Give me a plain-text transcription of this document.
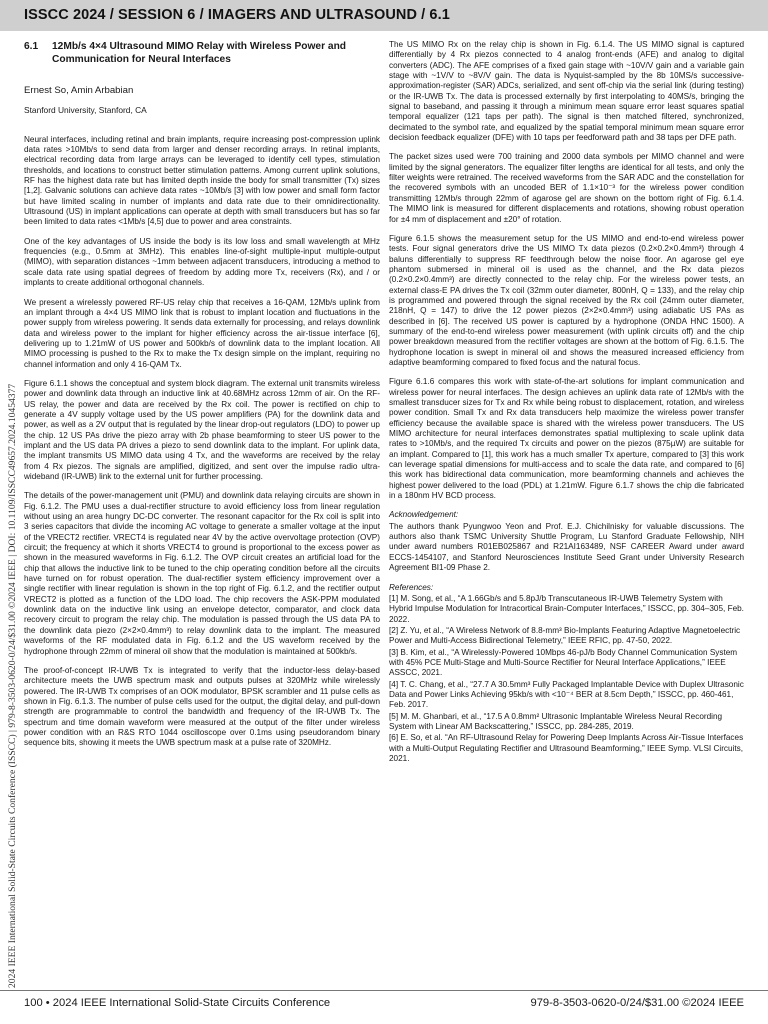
ISSCC 2024 / SESSION 6 / IMAGERS AND ULTRASOUND / 6.1
6.1	12Mb/s 4×4 Ultrasound MIMO Relay with Wireless Power and Communication for Neural Interfaces
Ernest So, Amin Arbabian
Stanford University, Stanford, CA

Neural interfaces, including retinal and brain implants, require increasing post-compression uplink data rates >10Mb/s to send data from larger and denser recording arrays. In retinal implants, electrical recording data from large arrays can be leveraged to identify cell types, stimulation thresholds, and locations to construct better stimulation patterns. Among current uplink solutions, RF has the highest data rate but has limited depth inside the body for small transmitter (Tx) sizes [1,2]. Galvanic solutions can achieve data rates ~10Mb/s [3] with low power and small form factor but have limited scaling in number of implants and data rate due to their omnidirectionality. Ultrasound (US) in implant applications can operate at depth with small transducers but has so far been limited to data rates <1Mb/s [4,5] due to power and area constraints.

One of the key advantages of US inside the body is its low loss and small wavelength at MHz frequencies (e.g., 0.5mm at 3MHz). This enables line-of-sight multiple-input multiple-output (MIMO), with separation distances ~1mm between adjacent transducers, introducing a method to scale data rate using spatial degrees of freedom by adding more Tx, receivers (Rx), and / or implants to create additional orthogonal channels.

We present a wirelessly powered RF-US relay chip that receives a 16-QAM, 12Mb/s uplink from an implant through a 4×4 US MIMO link that is robust to implant location and fluctuations in the power supply from wireless powering. It sends data externally for processing, and relays downlink data and wireless power to the implant for higher efficiency across the air-tissue interface [6], delivering up to 1.21mW of US power and 500kb/s of downlink data to the implant location. All MIMO processing is pushed to the Rx to make the Tx design simple on the implant, requiring no channel information and only 4 16-QAM Tx.

Figure 6.1.1 shows the conceptual and system block diagram. The external unit transmits wireless power and downlink data through an inductive link at 40.68MHz across 12mm of air. On the RF-US relay, the power and data are received by the Rx coil. The power is rectified on chip to generate a 4V supply voltage used by the US power amplifiers (PA) for the downlink data and power, as well as a 2V output that is regulated by the linear drop-out regulators (LDO) to power up the chip. 12 US PAs drive the piezo array with 2b phase beamforming to steer US power to the implant and the US data PA drives a piezo to send downlink data to the implant. For uplink data, the implant transmits US MIMO data using 4 Tx, and the waveforms are received by the relay from 4 Rx piezos. The signals are amplified, digitized, and sent over the impulse radio ultra-wideband (IR-UWB) link to the external unit for further processing.

The details of the power-management unit (PMU) and downlink data relaying circuits are shown in Fig. 6.1.2. The PMU uses a dual-rectifier structure to avoid efficiency loss from linear regulation without using an area hungry DC-DC converter. The resonant capacitor for the Rx coil is split into 3 series capacitors that divide the incoming AC voltage to generate a smaller voltage at the input of the VRECT2 rectifier. VRECT4 is regulated near 4V by the active overvoltage protection (OVP) circuit; the frequency at which it shorts VRECT4 to ground is proportional to the excess power as shown in the measured waveforms in Fig. 6.1.2. The OVP circuit creates an artificial load for the chip that allows the inductive link to be tuned to the chip operating condition before all the circuits have turned on for robust operation. The dual-rectifier system efficiency improvement over a single rectifier with linear regulation is shown in the top right of Fig. 6.1.2, and the rectifier output VRECT2 is plotted as a function of the LDO load. The chip recovers the ASK-PPM modulated downlink data on the inductive link using an envelope detector, comparator, and clock data recovery circuit to program the relay chip. The modulation is passed through the US data PA to the downlink data piezo (2×2×0.4mm³) to relay downlink data to the implant. The measured waveforms of the RF modulated data in Fig. 6.1.2 and the US waveform received by the hydrophone through 22mm of mineral oil show that the modulation is maintained at 500kb/s.

The proof-of-concept IR-UWB Tx is integrated to verify that the inductor-less delay-based architecture meets the UWB spectrum mask and outputs pulses at 320MHz while wirelessly powered. The IR-UWB Tx comprises of an OOK modulator, BPSK scrambler and 11 pulse cells as shown in Fig. 6.1.3. The number of pulse cells used for the output, the digital delay, and pull-down strength are programmable to control the bandwidth and frequency of the IR-UWB Tx. The spectrum and time domain waveform were measured at the output of the filter under wireless power condition with an R&S RTO 1044 oscilloscope over 0.1ms using pseudorandom binary sequence bits, showing it meets the UWB spectrum mask at a pulse rate of 320MHz.

The US MIMO Rx on the relay chip is shown in Fig. 6.1.4. The US MIMO signal is captured differentially by 4 Rx piezos connected to 4 analog front-ends (AFE) and analog to digital converters (ADC). The AFE comprises of a fixed gain stage with ~10V/V gain and a variable gain stage with ~1V/V to ~8V/V gain. The data is Nyquist-sampled by the 8b 10MS/s successive-approximation-register (SAR) ADCs, serialized, and sent off-chip via the serial link (during testing) or the IR-UWB Tx. The data is processed externally by first interpolating to 40MS/s, bringing the signal to baseband, and passing it through a minimum mean square error least squares spatial temporal equalizer (121 taps per path). The signal is then matched filtered, synchronized, decimated to the symbol rate, and equalized by the spatial temporal minimum mean square error decision feedback equalizer (DFE) with 10 taps per feedforward path and 38 taps per DFE path.

The packet sizes used were 700 training and 2000 data symbols per MIMO channel and were limited by the signal generators. The equalizer filter lengths are identical for all tests, and only the filter weights were retrained. The received waveforms from the SAR ADC and the constellation for the recovered symbols with an uncoded BER of 1.1×10⁻³ for the wireless power condition transmitting 12Mb/s through 22mm of agarose gel are shown on the bottom right of Fig. 6.1.4. The MIMO link is measured for different displacements and rotations, showing robust operation for ±4 mm of displacement and ±20° of rotation.

Figure 6.1.5 shows the measurement setup for the US MIMO and end-to-end wireless power tests. Four signal generators drive the US MIMO Tx data piezos (0.2×0.2×0.4mm³) through 4 baluns differentially to suppress RF feedthrough below the noise floor. An agarose gel eye phantom submersed in mineral oil is used as the channel, and the Rx data piezos (0.2×0.2×0.4mm³) are directly connected to the relay chip. For the wireless power tests, an external class-E PA drives the Tx coil (32mm outer diameter, 800nH, Q = 133), and the relay chip is programmed and powered through the signal received by the Rx coil (24mm outer diameter, 218nH, Q = 147) to drive the 12 power piezos (2×2×0.4mm³) using adiabatic US PAs as described in [6]. The received US power is captured by a hydrophone (ONDA HNC 1500). A summary of the end-to-end wireless power measurement (with uplink circuits off) and the chip power breakdown measured from the rectifier voltages are shown at the bottom of Fig. 6.1.5. The hydrophone location is swept in mineral oil and shows the measured increased efficiency from adaptive beamforming compared to fixed focus and the natural focus.

Figure 6.1.6 compares this work with state-of-the-art solutions for implant communication and wireless power for neural interfaces. The design achieves an uplink data rate of 12Mb/s with the smallest transducer sizes for Tx and Rx while being robust to displacement, rotation, and wireless power condition. Small Tx and Rx data transducers help maximize the wireless power transfer efficiency because the available space is shared with the wireless power transducers. The US MIMO architecture for neural interfaces demonstrates spatial multiplexing to scale uplink data rates to >10Mb/s, and the required Tx circuits and power on the piezos (875µW) are suitable for an implant. Compared to [1], this work has a much smaller Tx aperture, compared to [3] this work can leverage spatial dimensions for multi-access and to scale the data rate, and compared to [6] this work has bidirectional data communication, more beamforming channels and achieves the highest power delivered to the load (PDL) at 1.21mW. Figure 6.1.7 shows the chip die fabricated in a 180nm HV BCD process.

Acknowledgement:

The authors thank Pyungwoo Yeon and Prof. E.J. Chichilnisky for valuable discussions. The authors also thank TSMC University Shuttle Program, Lu Stanford Graduate Fellowship, NIH under award numbers R01EB025867 and R21AI163489, NSF CAREER Award under award ECCS-1454107, and Stanford Neurosciences Institute Seed Grant under University Research Agreement BI1-09 Phase 2.

References:
[1] M. Song, et al., “A 1.66Gb/s and 5.8pJ/b Transcutaneous IR-UWB Telemetry System with Hybrid Impulse Modulation for Intracortical Brain-Computer Interfaces,” ISSCC, pp. 304–305, Feb. 2022.
[2] Z. Yu, et al., “A Wireless Network of 8.8-mm³ Bio-Implants Featuring Adaptive Magnetoelectric Power and Multi-Access Bidirectional Telemetry,” IEEE RFIC, pp. 47-50, 2022.
[3] B. Kim, et al., “A Wirelessly-Powered 10Mbps 46-pJ/b Body Channel Communication System with 45% PCE Multi-Stage and Multi-Source Rectifier for Neural Interface Applications,” IEEE ASSCC, 2021.
[4] T. C. Chang, et al., “27.7 A 30.5mm³ Fully Packaged Implantable Device with Duplex Ultrasonic Data and Power Links Achieving 95kb/s with <10⁻⁴ BER at 8.5cm Depth,” ISSCC, pp. 460-461, Feb. 2017.
[5] M. M. Ghanbari, et al., “17.5 A 0.8mm² Ultrasonic Implantable Wireless Neural Recording System with Linear AM Backscattering,” ISSCC, pp. 284-285, 2019.
[6] E. So, et al. “An RF-Ultrasound Relay for Powering Deep Implants Across Air-Tissue Interfaces with a Multi-Output Regulating Rectifier and Ultrasound Beamforming,” IEEE Symp. VLSI Circuits, 2021.
2024 IEEE International Solid-State Circuits Conference (ISSCC) | 979-8-3503-0620-0/24/$31.00 ©2024 IEEE | DOI: 10.1109/ISSCC49657.2024.10454377
100 • 2024 IEEE International Solid-State Circuits Conference	979-8-3503-0620-0/24/$31.00 ©2024 IEEE
